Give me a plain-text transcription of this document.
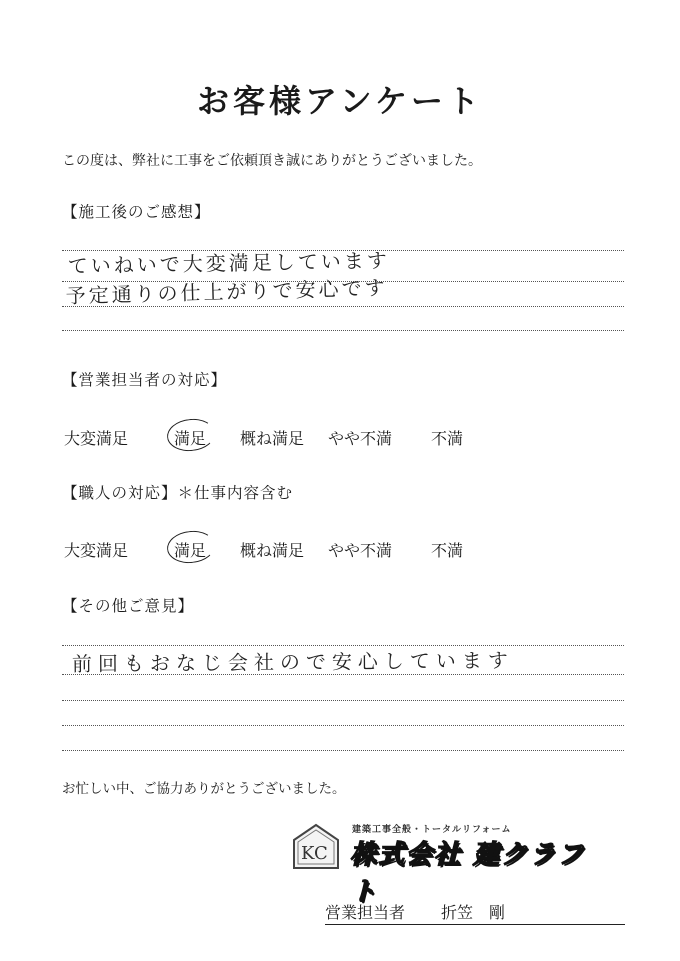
お客様アンケート
この度は、弊社に工事をご依頼頂き誠にありがとうございました。
【施工後のご感想】
ていねいで大変満足しています
予定通りの仕上がりで安心です
【営業担当者の対応】
大変満足	満足 概ね満足 やや不満 不満
【職人の対応】＊仕事内容含む
大変満足	満足 概ね満足 やや不満 不満
【その他ご意見】
前回もおなじ会社ので安心しています
お忙しい中、ご協力ありがとうございました。
KC
建築工事全般・トータルリフォーム
株式会社 建クラフト
営業担当者 折笠　剛
